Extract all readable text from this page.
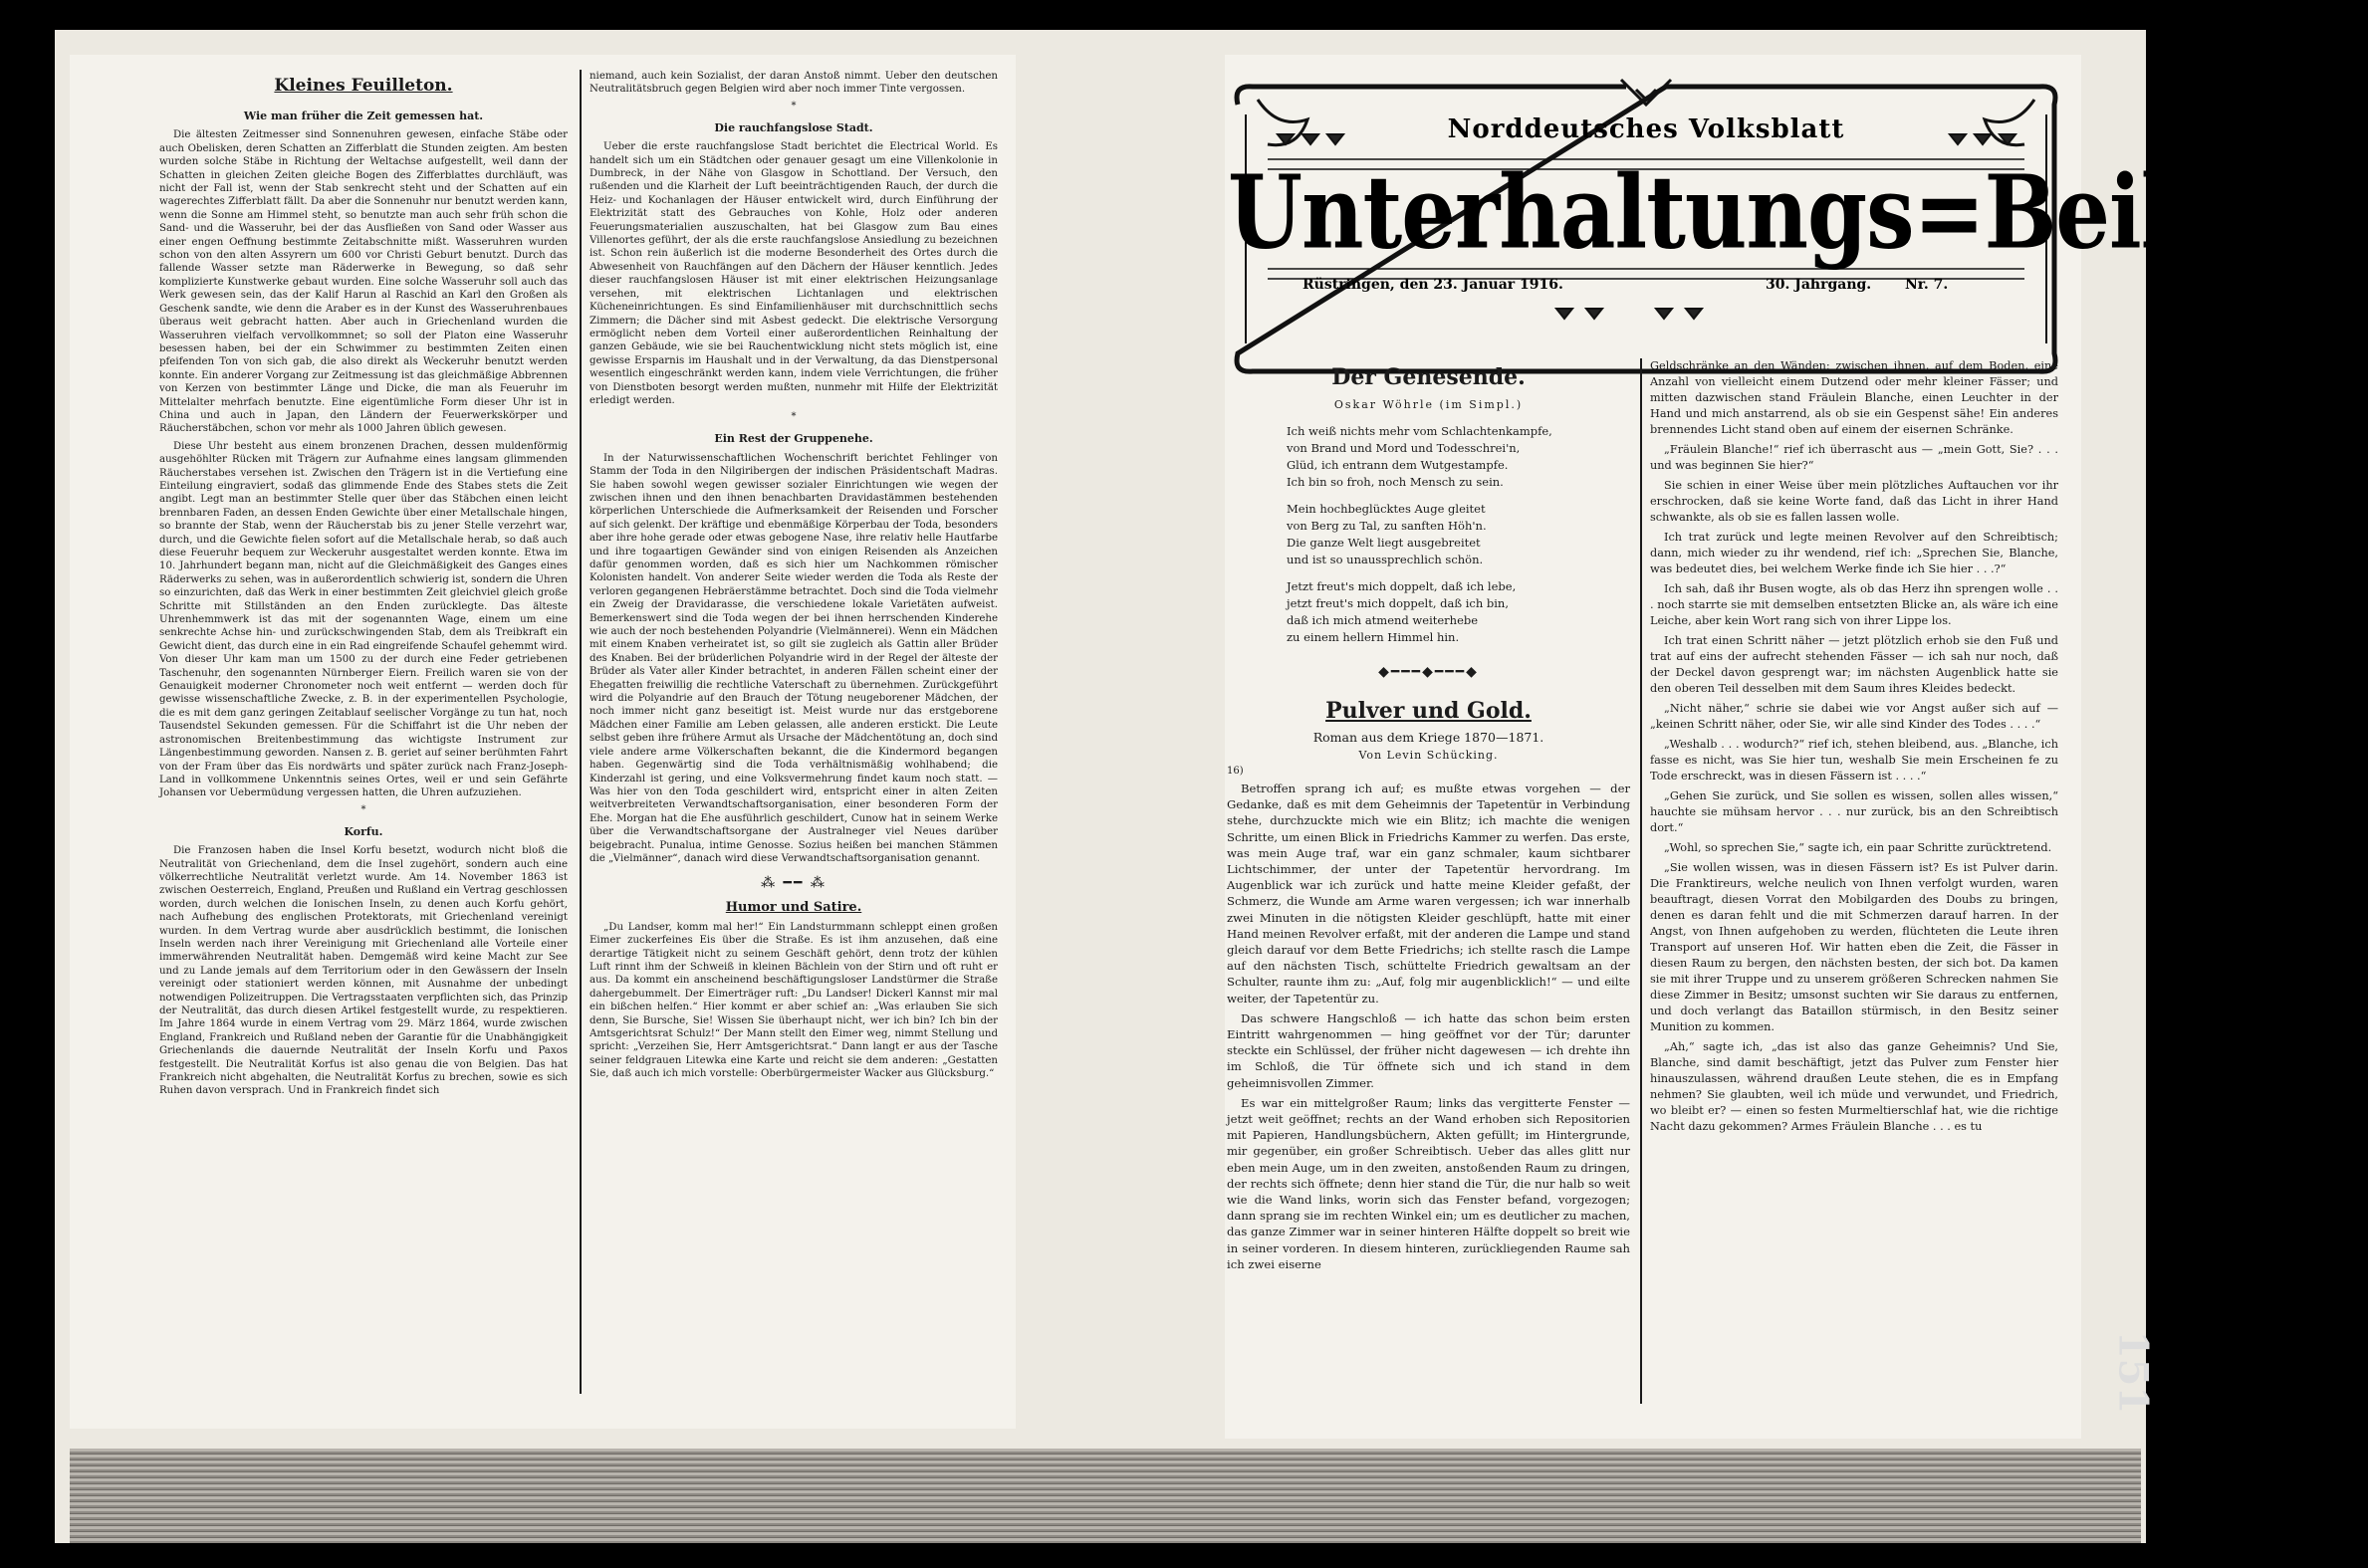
Kleines Feuilleton.

Wie man früher die Zeit gemessen hat.

Die ältesten Zeitmesser sind Sonnenuhren gewesen, einfache Stäbe oder auch Obelisken, deren Schatten an Zifferblatt die Stunden zeigten. Am besten wurden solche Stäbe in Richtung der Weltachse aufgestellt, weil dann der Schatten in gleichen Zeiten gleiche Bogen des Zifferblattes durchläuft, was nicht der Fall ist, wenn der Stab senkrecht steht und der Schatten auf ein wagerechtes Zifferblatt fällt. Da aber die Sonnenuhr nur benutzt werden kann, wenn die Sonne am Himmel steht, so benutzte man auch sehr früh schon die Sand- und die Wasseruhr, bei der das Ausfließen von Sand oder Wasser aus einer engen Oeffnung bestimmte Zeitabschnitte mißt. Wasseruhren wurden schon von den alten Assyrern um 600 vor Christi Geburt benutzt. Durch das fallende Wasser setzte man Räderwerke in Bewegung, so daß sehr komplizierte Kunstwerke gebaut wurden. Eine solche Wasseruhr soll auch das Werk gewesen sein, das der Kalif Harun al Raschid an Karl den Großen als Geschenk sandte, wie denn die Araber es in der Kunst des Wasseruhrenbaues überaus weit gebracht hatten. Aber auch in Griechenland wurden die Wasseruhren vielfach vervollkommnet; so soll der Platon eine Wasseruhr besessen haben, bei der ein Schwimmer zu bestimmten Zeiten einen pfeifenden Ton von sich gab, die also direkt als Weckeruhr benutzt werden konnte. Ein anderer Vorgang zur Zeitmessung ist das gleichmäßige Abbrennen von Kerzen von bestimmter Länge und Dicke, die man als Feueruhr im Mittelalter mehrfach benutzte. Eine eigentümliche Form dieser Uhr ist in China und auch in Japan, den Ländern der Feuerwerkskörper und Räucherstäbchen, schon vor mehr als 1000 Jahren üblich gewesen.

Diese Uhr besteht aus einem bronzenen Drachen, dessen muldenförmig ausgehöhlter Rücken mit Trägern zur Aufnahme eines langsam glimmenden Räucherstabes versehen ist. Zwischen den Trägern ist in die Vertiefung eine Einteilung eingraviert, sodaß das glimmende Ende des Stabes stets die Zeit angibt. Legt man an bestimmter Stelle quer über das Stäbchen einen leicht brennbaren Faden, an dessen Enden Gewichte über einer Metallschale hingen, so brannte der Stab, wenn der Räucherstab bis zu jener Stelle verzehrt war, durch, und die Gewichte fielen sofort auf die Metallschale herab, so daß auch diese Feueruhr bequem zur Weckeruhr ausgestaltet werden konnte. Etwa im 10. Jahrhundert begann man, nicht auf die Gleichmäßigkeit des Ganges eines Räderwerks zu sehen, was in außerordentlich schwierig ist, sondern die Uhren so einzurichten, daß das Werk in einer bestimmten Zeit gleichviel gleich große Schritte mit Stillständen an den Enden zurücklegte. Das älteste Uhrenhemmwerk ist das mit der sogenannten Wage, einem um eine senkrechte Achse hin- und zurückschwingenden Stab, dem als Treibkraft ein Gewicht dient, das durch eine in ein Rad eingreifende Schaufel gehemmt wird. Von dieser Uhr kam man um 1500 zu der durch eine Feder getriebenen Taschenuhr, den sogenannten Nürnberger Eiern. Freilich waren sie von der Genauigkeit moderner Chronometer noch weit entfernt — werden doch für gewisse wissenschaftliche Zwecke, z. B. in der experimentellen Psychologie, die es mit dem ganz geringen Zeitablauf seelischer Vorgänge zu tun hat, noch Tausendstel Sekunden gemessen. Für die Schiffahrt ist die Uhr neben der astronomischen Breitenbestimmung das wichtigste Instrument zur Längenbestimmung geworden. Nansen z. B. geriet auf seiner berühmten Fahrt von der Fram über das Eis nordwärts und später zurück nach Franz-Joseph-Land in vollkommene Unkenntnis seines Ortes, weil er und sein Gefährte Johansen vor Uebermüdung vergessen hatten, die Uhren aufzuziehen.

*

Korfu.

Die Franzosen haben die Insel Korfu besetzt, wodurch nicht bloß die Neutralität von Griechenland, dem die Insel zugehört, sondern auch eine völkerrechtliche Neutralität verletzt wurde. Am 14. November 1863 ist zwischen Oesterreich, England, Preußen und Rußland ein Vertrag geschlossen worden, durch welchen die Ionischen Inseln, zu denen auch Korfu gehört, nach Aufhebung des englischen Protektorats, mit Griechenland vereinigt wurden. In dem Vertrag wurde aber ausdrücklich bestimmt, die Ionischen Inseln werden nach ihrer Vereinigung mit Griechenland alle Vorteile einer immerwährenden Neutralität haben. Demgemäß wird keine Macht zur See und zu Lande jemals auf dem Territorium oder in den Gewässern der Inseln vereinigt oder stationiert werden können, mit Ausnahme der unbedingt notwendigen Polizeitruppen. Die Vertragsstaaten verpflichten sich, das Prinzip der Neutralität, das durch diesen Artikel festgestellt wurde, zu respektieren. Im Jahre 1864 wurde in einem Vertrag vom 29. März 1864, wurde zwischen England, Frankreich und Rußland neben der Garantie für die Unabhängigkeit Griechenlands die dauernde Neutralität der Inseln Korfu und Paxos festgestellt. Die Neutralität Korfus ist also genau die von Belgien. Das hat Frankreich nicht abgehalten, die Neutralität Korfus zu brechen, sowie es sich Ruhen davon versprach. Und in Frankreich findet sich

niemand, auch kein Sozialist, der daran Anstoß nimmt. Ueber den deutschen Neutralitätsbruch gegen Belgien wird aber noch immer Tinte vergossen.

*

Die rauchfangslose Stadt.

Ueber die erste rauchfangslose Stadt berichtet die Electrical World. Es handelt sich um ein Städtchen oder genauer gesagt um eine Villenkolonie in Dumbreck, in der Nähe von Glasgow in Schottland. Der Versuch, den rußenden und die Klarheit der Luft beeinträchtigenden Rauch, der durch die Heiz- und Kochanlagen der Häuser entwickelt wird, durch Einführung der Elektrizität statt des Gebrauches von Kohle, Holz oder anderen Feuerungsmaterialien auszuschalten, hat bei Glasgow zum Bau eines Villenortes geführt, der als die erste rauchfangslose Ansiedlung zu bezeichnen ist. Schon rein äußerlich ist die moderne Besonderheit des Ortes durch die Abwesenheit von Rauchfängen auf den Dächern der Häuser kenntlich. Jedes dieser rauchfangslosen Häuser ist mit einer elektrischen Heizungsanlage versehen, mit elektrischen Lichtanlagen und elektrischen Kücheneinrichtungen. Es sind Einfamilienhäuser mit durchschnittlich sechs Zimmern; die Dächer sind mit Asbest gedeckt. Die elektrische Versorgung ermöglicht neben dem Vorteil einer außerordentlichen Reinhaltung der ganzen Gebäude, wie sie bei Rauchentwicklung nicht stets möglich ist, eine gewisse Ersparnis im Haushalt und in der Verwaltung, da das Dienstpersonal wesentlich eingeschränkt werden kann, indem viele Verrichtungen, die früher von Dienstboten besorgt werden mußten, nunmehr mit Hilfe der Elektrizität erledigt werden.

*

Ein Rest der Gruppenehe.

In der Naturwissenschaftlichen Wochenschrift berichtet Fehlinger von Stamm der Toda in den Nilgiribergen der indischen Präsidentschaft Madras. Sie haben sowohl wegen gewisser sozialer Einrichtungen wie wegen der zwischen ihnen und den ihnen benachbarten Dravidastämmen bestehenden körperlichen Unterschiede die Aufmerksamkeit der Reisenden und Forscher auf sich gelenkt. Der kräftige und ebenmäßige Körperbau der Toda, besonders aber ihre hohe gerade oder etwas gebogene Nase, ihre relativ helle Hautfarbe und ihre togaartigen Gewänder sind von einigen Reisenden als Anzeichen dafür genommen worden, daß es sich hier um Nachkommen römischer Kolonisten handelt. Von anderer Seite wieder werden die Toda als Reste der verloren gegangenen Hebräerstämme betrachtet. Doch sind die Toda vielmehr ein Zweig der Dravidarasse, die verschiedene lokale Varietäten aufweist. Bemerkenswert sind die Toda wegen der bei ihnen herrschenden Kinderehe wie auch der noch bestehenden Polyandrie (Vielmännerei). Wenn ein Mädchen mit einem Knaben verheiratet ist, so gilt sie zugleich als Gattin aller Brüder des Knaben. Bei der brüderlichen Polyandrie wird in der Regel der älteste der Brüder als Vater aller Kinder betrachtet, in anderen Fällen scheint einer der Ehegatten freiwillig die rechtliche Vaterschaft zu übernehmen. Zurückgeführt wird die Polyandrie auf den Brauch der Tötung neugeborener Mädchen, der noch immer nicht ganz beseitigt ist. Meist wurde nur das erstgeborene Mädchen einer Familie am Leben gelassen, alle anderen erstickt. Die Leute selbst geben ihre frühere Armut als Ursache der Mädchentötung an, doch sind viele andere arme Völkerschaften bekannt, die die Kindermord begangen haben. Gegenwärtig sind die Toda verhältnismäßig wohlhabend; die Kinderzahl ist gering, und eine Volksvermehrung findet kaum noch statt. — Was hier von den Toda geschildert wird, entspricht einer in alten Zeiten weitverbreiteten Verwandtschaftsorganisation, einer besonderen Form der Ehe. Morgan hat die Ehe ausführlich geschildert, Cunow hat in seinem Werke über die Verwandtschaftsorgane der Australneger viel Neues darüber beigebracht. Punalua, intime Genosse. Sozius heißen bei manchen Stämmen die „Vielmänner“, danach wird diese Verwandtschaftsorganisation genannt.

⁂ ━━ ⁂

Humor und Satire.

„Du Landser, komm mal her!“ Ein Landsturmmann schleppt einen großen Eimer zuckerfeines Eis über die Straße. Es ist ihm anzusehen, daß eine derartige Tätigkeit nicht zu seinem Geschäft gehört, denn trotz der kühlen Luft rinnt ihm der Schweiß in kleinen Bächlein von der Stirn und oft ruht er aus. Da kommt ein anscheinend beschäftigungsloser Landstürmer die Straße dahergebummelt. Der Eimerträger ruft: „Du Landser! Dickerl Kannst mir mal ein bißchen helfen.“ Hier kommt er aber schief an: „Was erlauben Sie sich denn, Sie Bursche, Sie! Wissen Sie überhaupt nicht, wer ich bin? Ich bin der Amtsgerichtsrat Schulz!“ Der Mann stellt den Eimer weg, nimmt Stellung und spricht: „Verzeihen Sie, Herr Amtsgerichtsrat.“ Dann langt er aus der Tasche seiner feldgrauen Litewka eine Karte und reicht sie dem anderen: „Gestatten Sie, daß auch ich mich vorstelle: Oberbürgermeister Wacker aus Glücksburg.“

Norddeutsches Volksblatt
Unterhaltungs=Beilage.
Rüstringen, den 23. Januar 1916.	30. Jahrgang. Nr. 7.
Der Genesende.
Oskar Wöhrle (im Simpl.)
Ich weiß nichts mehr vom Schlachtenkampfe,
von Brand und Mord und Todesschrei'n,
Glüd, ich entrann dem Wutgestampfe.
Ich bin so froh, noch Mensch zu sein.
Mein hochbeglücktes Auge gleitet
von Berg zu Tal, zu sanften Höh'n.
Die ganze Welt liegt ausgebreitet
und ist so unaussprechlich schön.
Jetzt freut's mich doppelt, daß ich lebe,
jetzt freut's mich doppelt, daß ich bin,
daß ich mich atmend weiterhebe
zu einem hellern Himmel hin.
◆━━━◆━━━◆
Pulver und Gold.
Roman aus dem Kriege 1870—1871.
Von Levin Schücking.
16)

Betroffen sprang ich auf; es mußte etwas vorgehen — der Gedanke, daß es mit dem Geheimnis der Tapetentür in Verbindung stehe, durchzuckte mich wie ein Blitz; ich machte die wenigen Schritte, um einen Blick in Friedrichs Kammer zu werfen. Das erste, was mein Auge traf, war ein ganz schmaler, kaum sichtbarer Lichtschimmer, der unter der Tapetentür hervordrang. Im Augenblick war ich zurück und hatte meine Kleider gefaßt, der Schmerz, die Wunde am Arme waren vergessen; ich war innerhalb zwei Minuten in die nötigsten Kleider geschlüpft, hatte mit einer Hand meinen Revolver erfaßt, mit der anderen die Lampe und stand gleich darauf vor dem Bette Friedrichs; ich stellte rasch die Lampe auf den nächsten Tisch, schüttelte Friedrich gewaltsam an der Schulter, raunte ihm zu: „Auf, folg mir augenblicklich!“ — und eilte weiter, der Tapetentür zu.

Das schwere Hangschloß — ich hatte das schon beim ersten Eintritt wahrgenommen — hing geöffnet vor der Tür; darunter steckte ein Schlüssel, der früher nicht dagewesen — ich drehte ihn im Schloß, die Tür öffnete sich und ich stand in dem geheimnisvollen Zimmer.

Es war ein mittelgroßer Raum; links das vergitterte Fenster — jetzt weit geöffnet; rechts an der Wand erhoben sich Repositorien mit Papieren, Handlungsbüchern, Akten gefüllt; im Hintergrunde, mir gegenüber, ein großer Schreibtisch. Ueber das alles glitt nur eben mein Auge, um in den zweiten, anstoßenden Raum zu dringen, der rechts sich öffnete; denn hier stand die Tür, die nur halb so weit wie die Wand links, worin sich das Fenster befand, vorgezogen; dann sprang sie im rechten Winkel ein; um es deutlicher zu machen, das ganze Zimmer war in seiner hinteren Hälfte doppelt so breit wie in seiner vorderen. In diesem hinteren, zurückliegenden Raume sah ich zwei eiserne

Geldschränke an den Wänden; zwischen ihnen, auf dem Boden, eine Anzahl von vielleicht einem Dutzend oder mehr kleiner Fässer; und mitten dazwischen stand Fräulein Blanche, einen Leuchter in der Hand und mich anstarrend, als ob sie ein Gespenst sähe! Ein anderes brennendes Licht stand oben auf einem der eisernen Schränke.

„Fräulein Blanche!“ rief ich überrascht aus — „mein Gott, Sie? . . . und was beginnen Sie hier?“

Sie schien in einer Weise über mein plötzliches Auftauchen vor ihr erschrocken, daß sie keine Worte fand, daß das Licht in ihrer Hand schwankte, als ob sie es fallen lassen wolle.

Ich trat zurück und legte meinen Revolver auf den Schreibtisch; dann, mich wieder zu ihr wendend, rief ich: „Sprechen Sie, Blanche, was bedeutet dies, bei welchem Werke finde ich Sie hier . . .?“

Ich sah, daß ihr Busen wogte, als ob das Herz ihn sprengen wolle . . . noch starrte sie mit demselben entsetzten Blicke an, als wäre ich eine Leiche, aber kein Wort rang sich von ihrer Lippe los.

Ich trat einen Schritt näher — jetzt plötzlich erhob sie den Fuß und trat auf eins der aufrecht stehenden Fässer — ich sah nur noch, daß der Deckel davon gesprengt war; im nächsten Augenblick hatte sie den oberen Teil desselben mit dem Saum ihres Kleides bedeckt.

„Nicht näher,“ schrie sie dabei wie vor Angst außer sich auf — „keinen Schritt näher, oder Sie, wir alle sind Kinder des Todes . . . .“

„Weshalb . . . wodurch?“ rief ich, stehen bleibend, aus. „Blanche, ich fasse es nicht, was Sie hier tun, weshalb Sie mein Erscheinen fe zu Tode erschreckt, was in diesen Fässern ist . . . .“

„Gehen Sie zurück, und Sie sollen es wissen, sollen alles wissen,“ hauchte sie mühsam hervor . . . nur zurück, bis an den Schreibtisch dort.“

„Wohl, so sprechen Sie,“ sagte ich, ein paar Schritte zurücktretend.

„Sie wollen wissen, was in diesen Fässern ist? Es ist Pulver darin. Die Franktireurs, welche neulich von Ihnen verfolgt wurden, waren beauftragt, diesen Vorrat den Mobilgarden des Doubs zu bringen, denen es daran fehlt und die mit Schmerzen darauf harren. In der Angst, von Ihnen aufgehoben zu werden, flüchteten die Leute ihren Transport auf unseren Hof. Wir hatten eben die Zeit, die Fässer in diesen Raum zu bergen, den nächsten besten, der sich bot. Da kamen sie mit ihrer Truppe und zu unserem größeren Schrecken nahmen Sie diese Zimmer in Besitz; umsonst suchten wir Sie daraus zu entfernen, und doch verlangt das Bataillon stürmisch, in den Besitz seiner Munition zu kommen.

„Ah,“ sagte ich, „das ist also das ganze Geheimnis? Und Sie, Blanche, sind damit beschäftigt, jetzt das Pulver zum Fenster hier hinauszulassen, während draußen Leute stehen, die es in Empfang nehmen? Sie glaubten, weil ich müde und verwundet, und Friedrich, wo bleibt er? — einen so festen Murmeltierschlaf hat, wie die richtige Nacht dazu gekommen? Armes Fräulein Blanche . . . es tu

151
